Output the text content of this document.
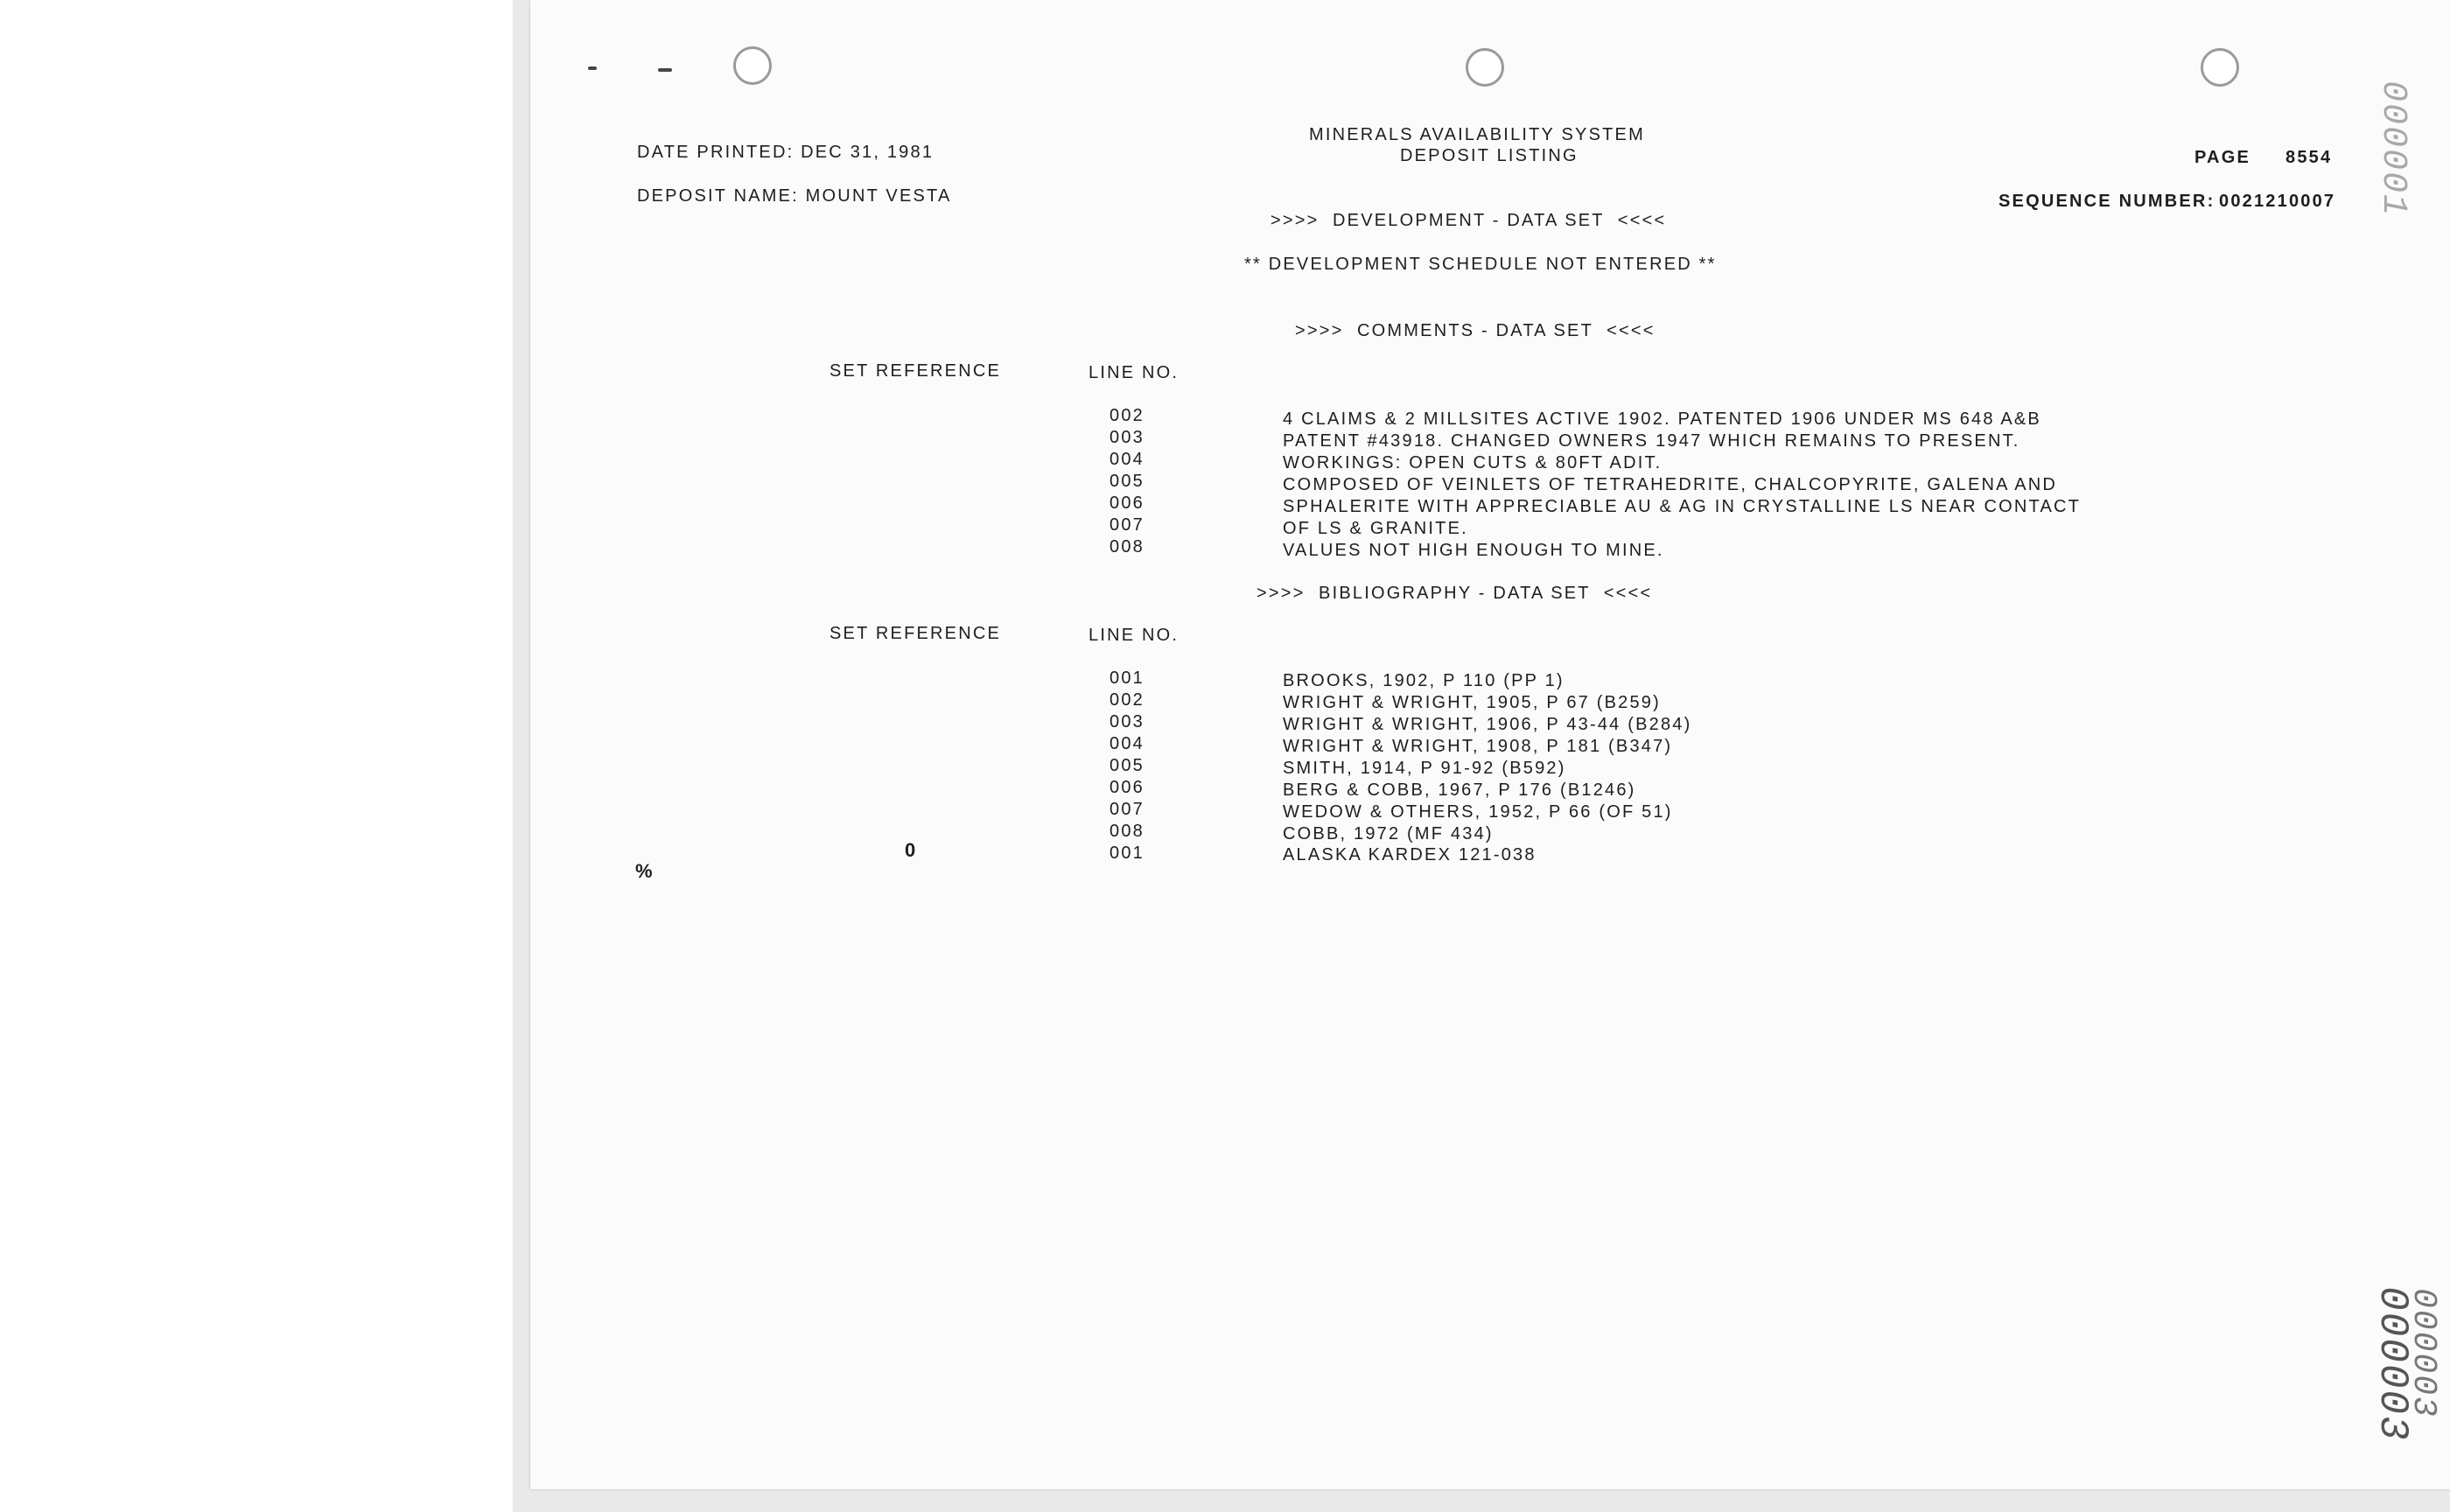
DATE PRINTED: DEC 31, 1981
DEPOSIT NAME: MOUNT VESTA
MINERALS AVAILABILITY SYSTEM
DEPOSIT LISTING	PAGE 8554
SEQUENCE NUMBER: 0021210007
>>>>  DEVELOPMENT - DATA SET  <<<<
** DEVELOPMENT SCHEDULE NOT ENTERED **
>>>>  COMMENTS - DATA SET  <<<<
SET REFERENCE	LINE NO.
002	4 CLAIMS & 2 MILLSITES ACTIVE 1902. PATENTED 1906 UNDER MS 648 A&B
003	PATENT #43918. CHANGED OWNERS 1947 WHICH REMAINS TO PRESENT.
004	WORKINGS: OPEN CUTS & 80FT ADIT.
005	COMPOSED OF VEINLETS OF TETRAHEDRITE, CHALCOPYRITE, GALENA AND
006	SPHALERITE WITH APPRECIABLE AU & AG IN CRYSTALLINE LS NEAR CONTACT
007	OF LS & GRANITE.
008	VALUES NOT HIGH ENOUGH TO MINE.
>>>>  BIBLIOGRAPHY - DATA SET  <<<<
SET REFERENCE	LINE NO.
001	BROOKS, 1902, P 110 (PP 1)
002	WRIGHT & WRIGHT, 1905, P 67 (B259)
003	WRIGHT & WRIGHT, 1906, P 43-44 (B284)
004	WRIGHT & WRIGHT, 1908, P 181 (B347)
005	SMITH, 1914, P 91-92 (B592)
006	BERG & COBB, 1967, P 176 (B1246)
007	WEDOW & OTHERS, 1952, P 66 (OF 51)
008	COBB, 1972 (MF 434)
001	ALASKA KARDEX 121-038
0
%
000001
000003
000003
